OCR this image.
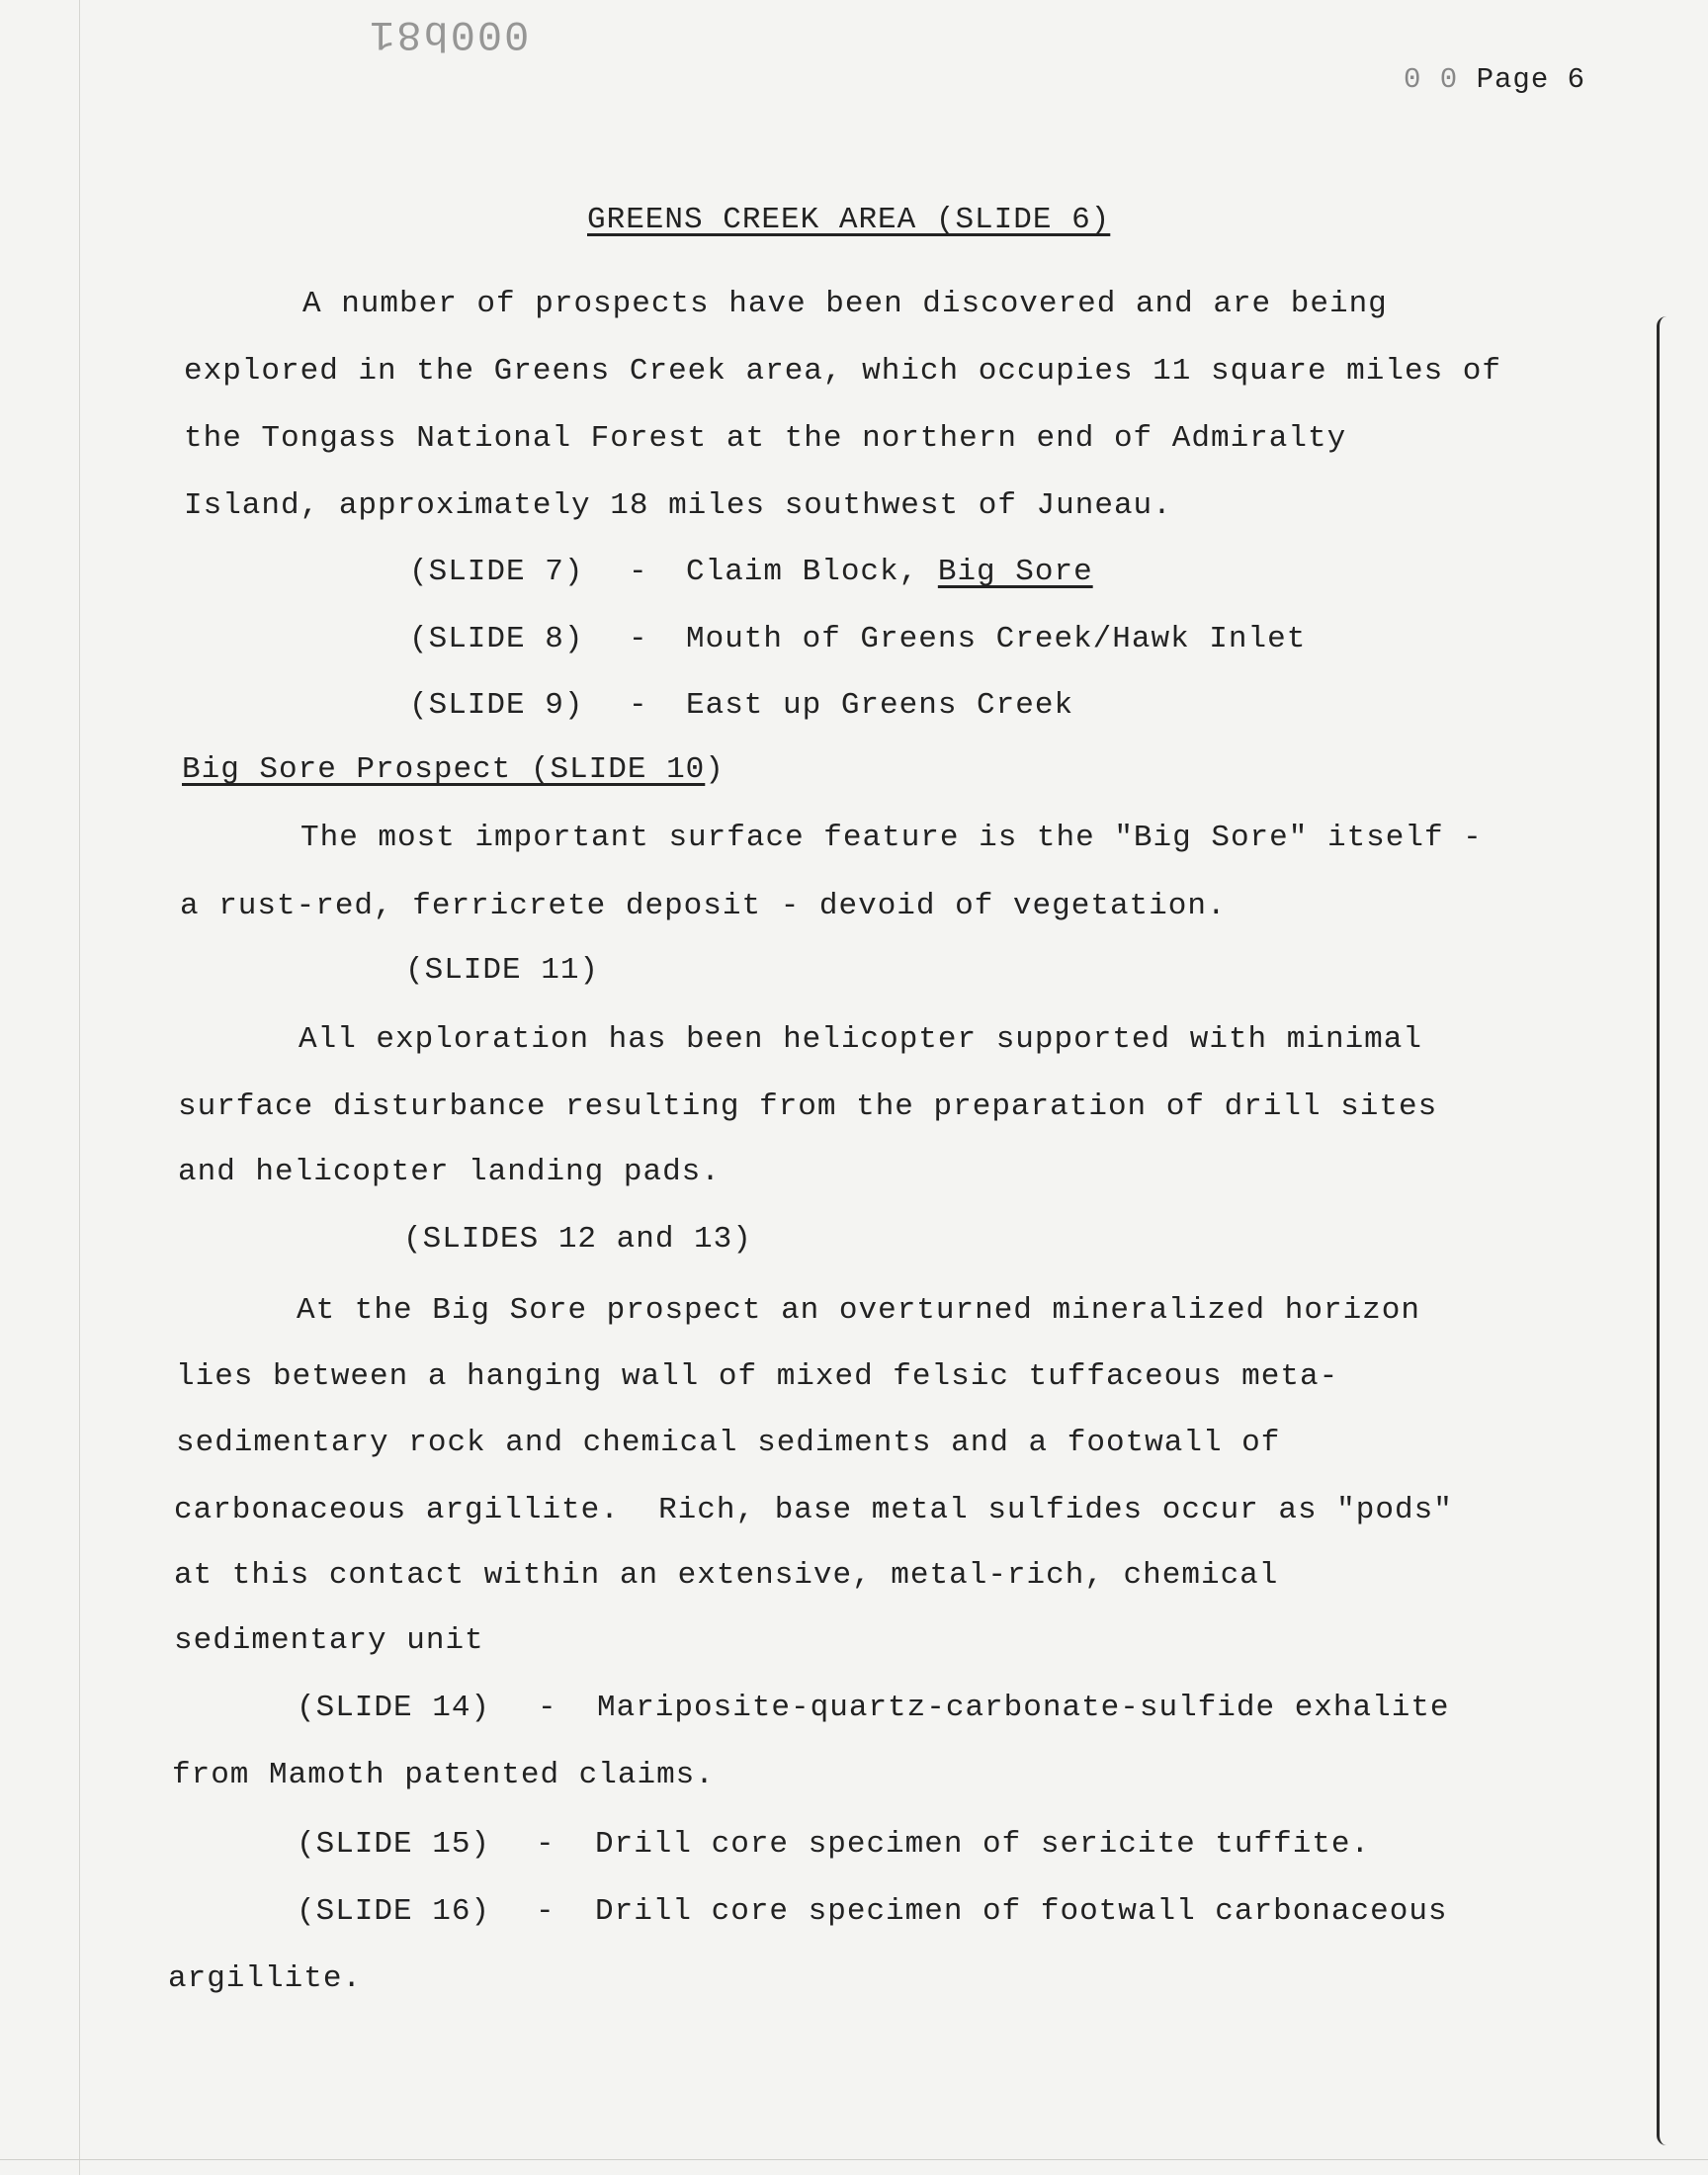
000b81
0 0 Page 6
GREENS CREEK AREA (SLIDE 6)
A number of prospects have been discovered and are being
explored in the Greens Creek area, which occupies 11 square miles of
the Tongass National Forest at the northern end of Admiralty
Island, approximately 18 miles southwest of Juneau.
(SLIDE 7) - Claim Block, Big Sore
(SLIDE 8) - Mouth of Greens Creek/Hawk Inlet
(SLIDE 9) - East up Greens Creek
Big Sore Prospect (SLIDE 10)
The most important surface feature is the "Big Sore" itself -
a rust-red, ferricrete deposit - devoid of vegetation.
(SLIDE 11)
All exploration has been helicopter supported with minimal
surface disturbance resulting from the preparation of drill sites
and helicopter landing pads.
(SLIDES 12 and 13)
At the Big Sore prospect an overturned mineralized horizon
lies between a hanging wall of mixed felsic tuffaceous meta-
sedimentary rock and chemical sediments and a footwall of
carbonaceous argillite.  Rich, base metal sulfides occur as "pods"
at this contact within an extensive, metal-rich, chemical
sedimentary unit
(SLIDE 14) - Mariposite-quartz-carbonate-sulfide exhalite
from Mamoth patented claims.
(SLIDE 15) - Drill core specimen of sericite tuffite.
(SLIDE 16) - Drill core specimen of footwall carbonaceous
argillite.
